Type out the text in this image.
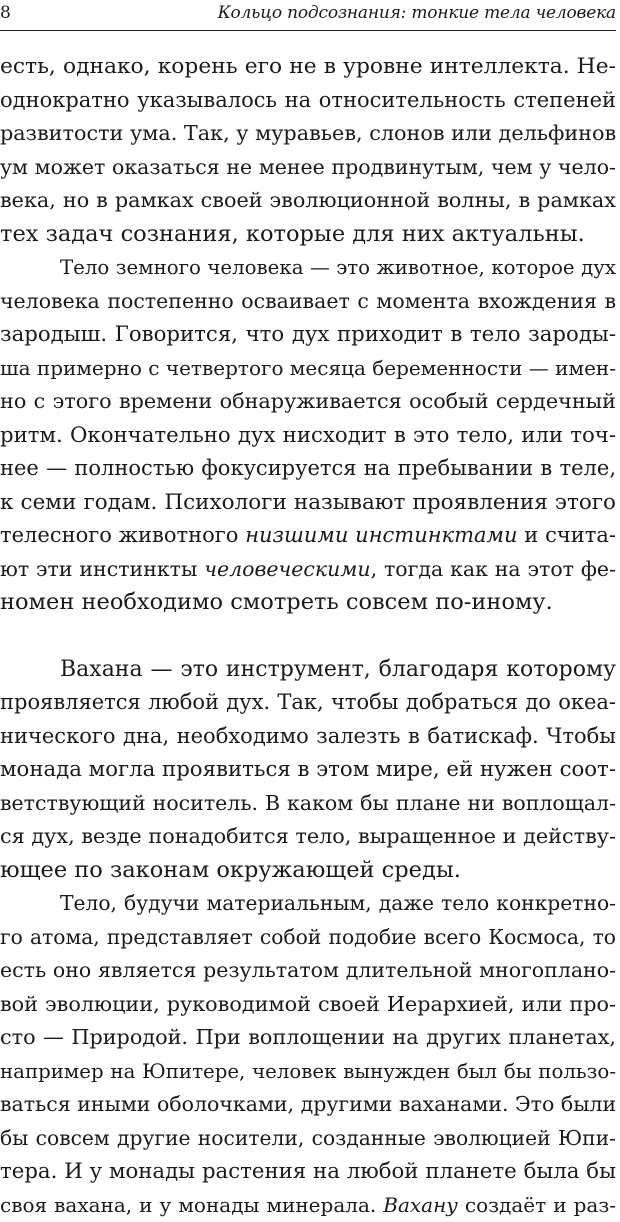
8	Кольцо подсознания: тонкие тела человека
есть, однако, корень его не в уровне интеллекта. Не-
однократно указывалось на относительность степеней
развитости ума. Так, у муравьев, слонов или дельфинов
ум может оказаться не менее продвинутым, чем у чело-
века, но в рамках своей эволюционной волны, в рамках
тех задач сознания, которые для них актуальны.
Тело земного человека — это животное, которое дух
человека постепенно осваивает с момента вхождения в
зародыш. Говорится, что дух приходит в тело зароды-
ша примерно с четвертого месяца беременности — имен-
но с этого времени обнаруживается особый сердечный
ритм. Окончательно дух нисходит в это тело, или точ-
нее — полностью фокусируется на пребывании в теле,
к семи годам. Психологи называют проявления этого
телесного животного низшими инстинктами и счита-
ют эти инстинкты человеческими, тогда как на этот фе-
номен необходимо смотреть совсем по-иному.
Вахана — это инструмент, благодаря которому
проявляется любой дух. Так, чтобы добраться до океа-
нического дна, необходимо залезть в батискаф. Чтобы
монада могла проявиться в этом мире, ей нужен соот-
ветствующий носитель. В каком бы плане ни воплощал-
ся дух, везде понадобится тело, выращенное и действу-
ющее по законам окружающей среды.
Тело, будучи материальным, даже тело конкретно-
го атома, представляет собой подобие всего Космоса, то
есть оно является результатом длительной многопланo-
вой эволюции, руководимой своей Иерархией, или про-
сто — Природой. При воплощении на других планетах,
например на Юпитере, человек вынужден был бы пользо-
ваться иными оболочками, другими ваханами. Это были
бы совсем другие носители, созданные эволюцией Юпи-
тера. И у монады растения на любой планете была бы
своя вахана, и у монады минерала. Вахану создаёт и раз-
